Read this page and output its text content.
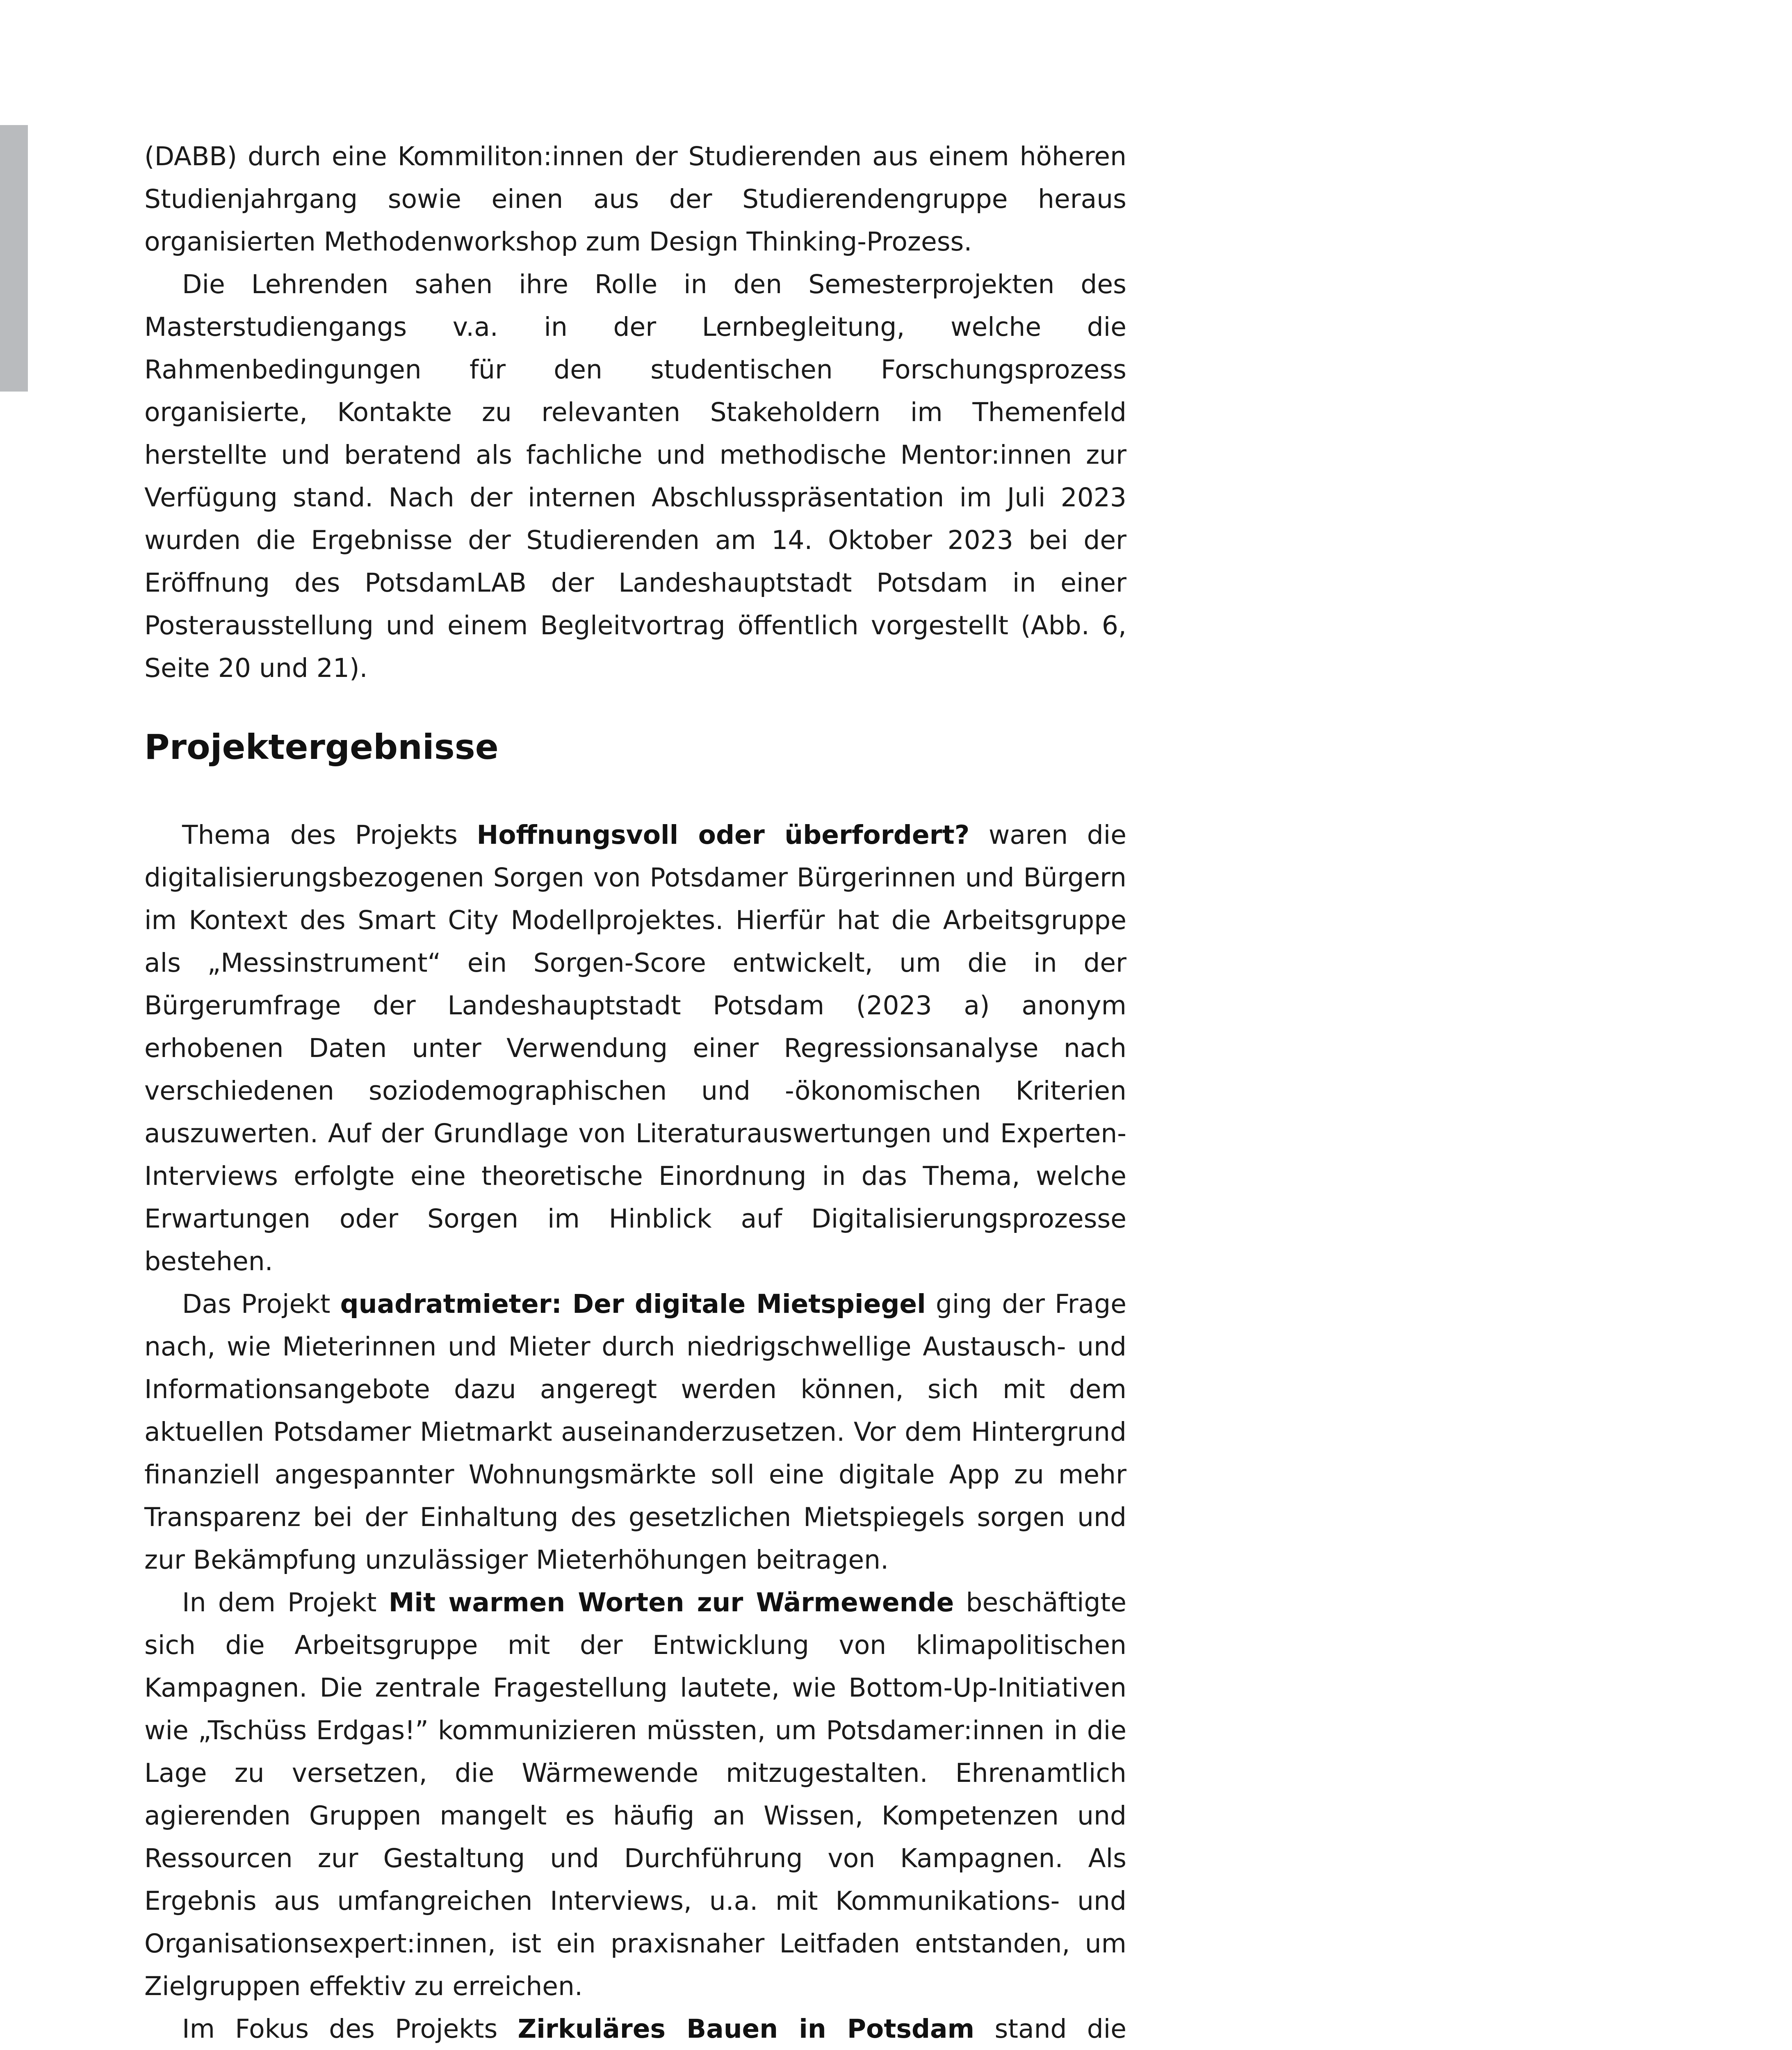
(DABB) durch eine Kommiliton:innen der Studierenden aus einem höheren Studienjahrgang sowie einen aus der Studierendengruppe heraus organisierten Methodenworkshop zum Design Thinking-Prozess.

Die Lehrenden sahen ihre Rolle in den Semesterprojekten des Masterstudiengangs v.a. in der Lernbegleitung, welche die Rahmenbedingungen für den studentischen Forschungsprozess organisierte, Kontakte zu relevanten Stakeholdern im Themenfeld herstellte und beratend als fachliche und methodische Mentor:innen zur Verfügung stand. Nach der internen Abschlusspräsentation im Juli 2023 wurden die Ergebnisse der Studierenden am 14. Oktober 2023 bei der Eröffnung des PotsdamLAB der Landeshauptstadt Potsdam in einer Posterausstellung und einem Begleitvortrag öffentlich vorgestellt (Abb. 6, Seite 20 und 21).

Projektergebnisse

Thema des Projekts Hoffnungsvoll oder überfordert? waren die digitalisierungsbezogenen Sorgen von Potsdamer Bürgerinnen und Bürgern im Kontext des Smart City Modellprojektes. Hierfür hat die Arbeitsgruppe als „Messinstrument“ ein Sorgen-Score entwickelt, um die in der Bürgerumfrage der Landeshauptstadt Potsdam (2023 a) anonym erhobenen Daten unter Verwendung einer Regressionsanalyse nach verschiedenen soziodemographischen und -ökonomischen Kriterien auszuwerten. Auf der Grundlage von Literaturauswertungen und Experten-Interviews erfolgte eine theoretische Einordnung in das Thema, welche Erwartungen oder Sorgen im Hinblick auf Digitalisierungsprozesse bestehen.

Das Projekt quadratmieter: Der digitale Mietspiegel ging der Frage nach, wie Mieterinnen und Mieter durch niedrigschwellige Austausch- und Informationsangebote dazu angeregt werden können, sich mit dem aktuellen Potsdamer Mietmarkt auseinanderzusetzen. Vor dem Hintergrund finanziell angespannter Wohnungsmärkte soll eine digitale App zu mehr Transparenz bei der Einhaltung des gesetzlichen Mietspiegels sorgen und zur Bekämpfung unzulässiger Mieterhöhungen beitragen.

In dem Projekt Mit warmen Worten zur Wärmewende beschäftigte sich die Arbeitsgruppe mit der Entwicklung von klimapolitischen Kampagnen. Die zentrale Fragestellung lautete, wie Bottom-Up-Initiativen wie „Tschüss Erdgas!” kommunizieren müssten, um Potsdamer:innen in die Lage zu versetzen, die Wärmewende mitzugestalten. Ehrenamtlich agierenden Gruppen mangelt es häufig an Wissen, Kompetenzen und Ressourcen zur Gestaltung und Durchführung von Kampagnen. Als Ergebnis aus umfangreichen Interviews, u.a. mit Kommunikations- und Organisationsexpert:innen, ist ein praxisnaher Leitfaden entstanden, um Zielgruppen effektiv zu erreichen.

Im Fokus des Projekts Zirkuläres Bauen in Potsdam stand die
